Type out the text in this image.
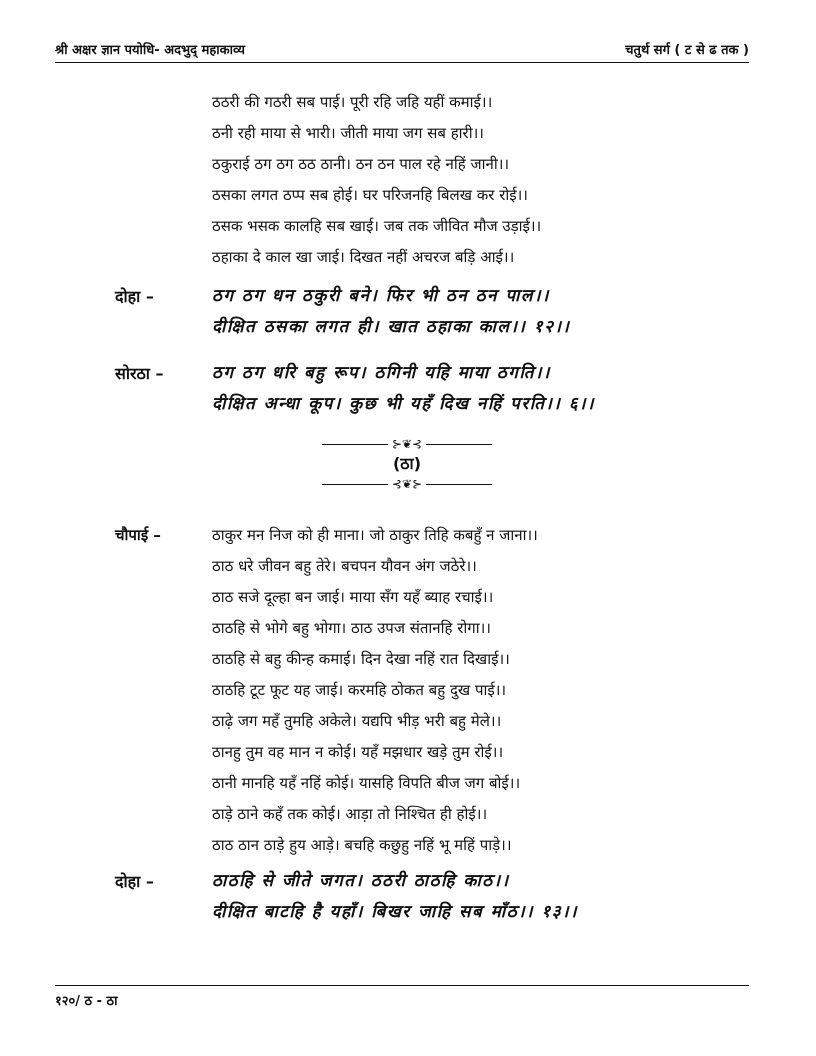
श्री अक्षर ज्ञान पयोधि- अदभुद् महाकाव्य	चतुर्थ सर्ग ( ट से ढ तक )
ठठरी की गठरी सब पाई। पूरी रहि जहि यहीं कमाई।।
ठनी रही माया से भारी। जीती माया जग सब हारी।।
ठकुराई ठग ठग ठठ ठानी। ठन ठन पाल रहे नहिं जानी।।
ठसका लगत ठप्प सब होई। घर परिजनहि बिलख कर रोई।।
ठसक भसक कालहि सब खाई। जब तक जीवित मौज उड़ाई।।
ठहाका दे काल खा जाई। दिखत नहीं अचरज बड़ि आई।।
दोहा –	ठग ठग धन ठकुरी बने। फिर भी ठन ठन पाल।।
दीक्षित ठसका लगत ही। खात ठहाका काल।। १२।।
सोरठा –	ठग ठग धरि बहु रूप। ठगिनी यहि माया ठगति।।
दीक्षित अन्धा कूप। कुछ भी यहँ दिख नहिं परति।। ६।।
⊱❦⊰
(ठा)
⊰❦⊱
चौपाई –	ठाकुर मन निज को ही माना। जो ठाकुर तिहि कबहुँ न जाना।।
ठाठ धरे जीवन बहु तेरे। बचपन यौवन अंग जठेरे।।
ठाठ सजे दूल्हा बन जाई। माया सँग यहँ ब्याह रचाई।।
ठाठहि से भोगे बहु भोगा। ठाठ उपज संतानहि रोगा।।
ठाठहि से बहु कीन्ह कमाई। दिन देखा नहिं रात दिखाई।।
ठाठहि टूट फूट यह जाई। करमहि ठोकत बहु दुख पाई।।
ठाढ़े जग महँ तुमहि अकेले। यद्यपि भीड़ भरी बहु मेले।।
ठानहु तुम वह मान न कोई। यहँ मझधार खड़े तुम रोई।।
ठानी मानहि यहँ नहिं कोई। यासहि विपति बीज जग बोई।।
ठाड़े ठाने कहँ तक कोई। आड़ा तो निश्चित ही होई।।
ठाठ ठान ठाड़े हुय आड़े। बचहि कछुहु नहिं भू महिं पाड़े।।
दोहा –	ठाठहि से जीते जगत। ठठरी ठाठहि काठ।।
दीक्षित बाटहि है यहाँ। बिखर जाहि सब माँठ।। १३।।
१२०/ ठ - ठा
